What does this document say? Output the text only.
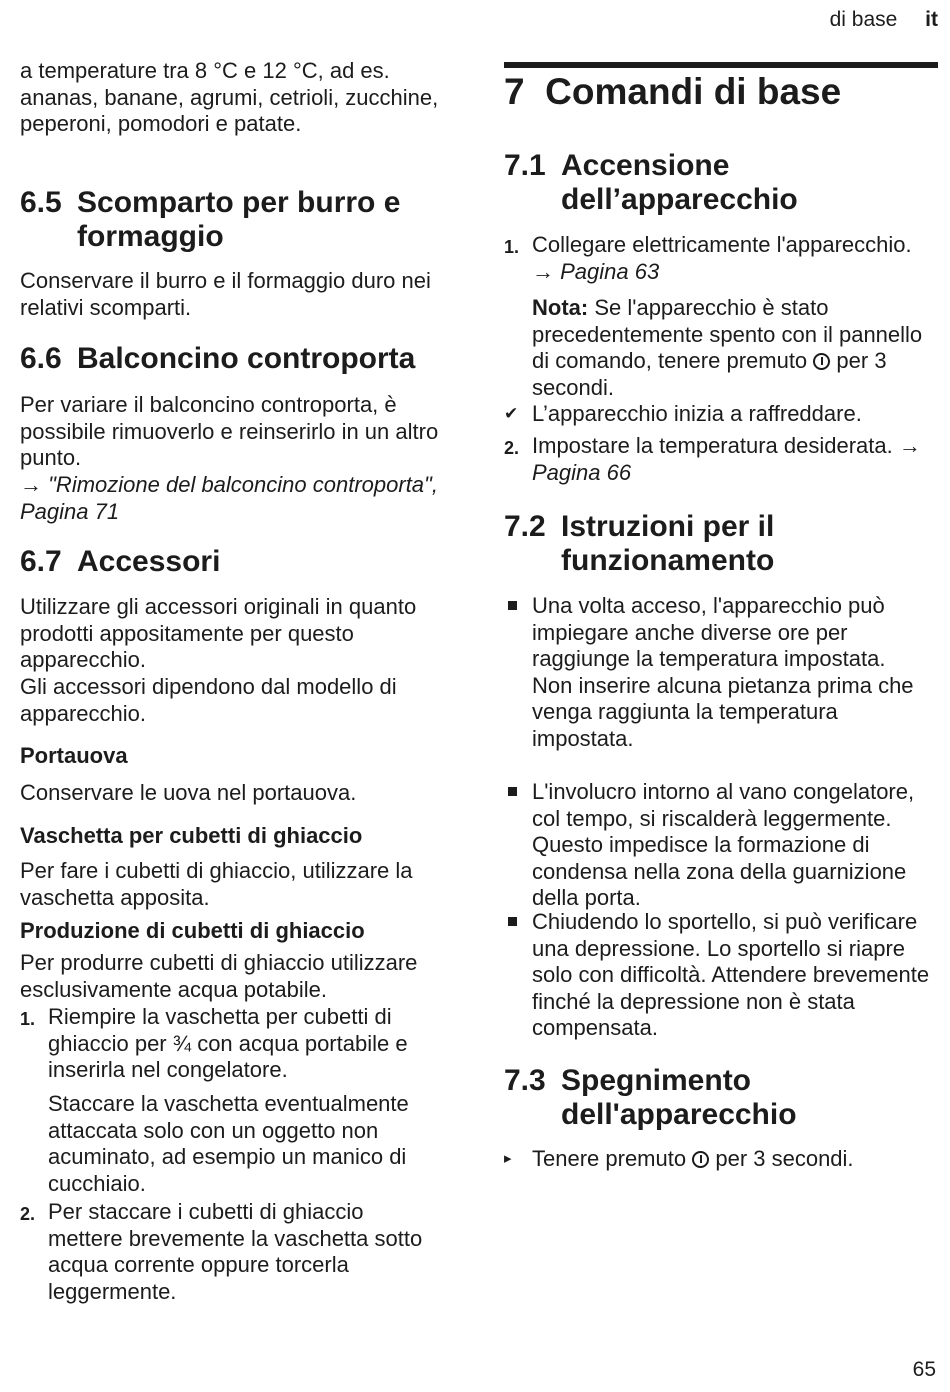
di base it

a temperature tra 8 °C e 12 °C, ad es. ananas, banane, agrumi, cetrioli, zucchine, peperoni, pomodori e patate.

6.5 Scomparto per burro e formaggio

Conservare il burro e il formaggio duro nei relativi scomparti.

6.6 Balconcino controporta

Per variare il balconcino controporta, è possibile rimuoverlo e reinserirlo in un altro punto.

→ "Rimozione del balconcino controporta", Pagina 71

6.7 Accessori

Utilizzare gli accessori originali in quanto prodotti appositamente per questo apparecchio.

Gli accessori dipendono dal modello di apparecchio.

Portauova

Conservare le uova nel portauova.

Vaschetta per cubetti di ghiaccio

Per fare i cubetti di ghiaccio, utilizzare la vaschetta apposita.

Produzione di cubetti di ghiaccio

Per produrre cubetti di ghiaccio utilizzare esclusivamente acqua potabile.

1. Riempire la vaschetta per cubetti di ghiaccio per ¾ con acqua portabile e inserirla nel congelatore.

Staccare la vaschetta eventualmente attaccata solo con un oggetto non acuminato, ad esempio un manico di cucchiaio.

2. Per staccare i cubetti di ghiaccio mettere brevemente la vaschetta sotto acqua corrente oppure torcerla leggermente.
7 Comandi di base
7.1 Accensione dell’apparecchio
1. Collegare elettricamente l'apparecchio. → Pagina 63

Nota: Se l'apparecchio è stato precedentemente spento con il pannello di comando, tenere premuto per 3 secondi.

✔ L’apparecchio inizia a raffreddare.
2. Impostare la temperatura desiderata. → Pagina 66
7.2 Istruzioni per il funzionamento
Una volta acceso, l'apparecchio può impiegare anche diverse ore per raggiunge la temperatura impostata.
Non inserire alcuna pietanza prima che venga raggiunta la temperatura impostata.
L'involucro intorno al vano congelatore, col tempo, si riscalderà leggermente. Questo impedisce la formazione di condensa nella zona della guarnizione della porta.
Chiudendo lo sportello, si può verificare una depressione. Lo sportello si riapre solo con difficoltà. Attendere brevemente finché la depressione non è stata compensata.
7.3 Spegnimento dell'apparecchio
▸ Tenere premuto per 3 secondi.
65
